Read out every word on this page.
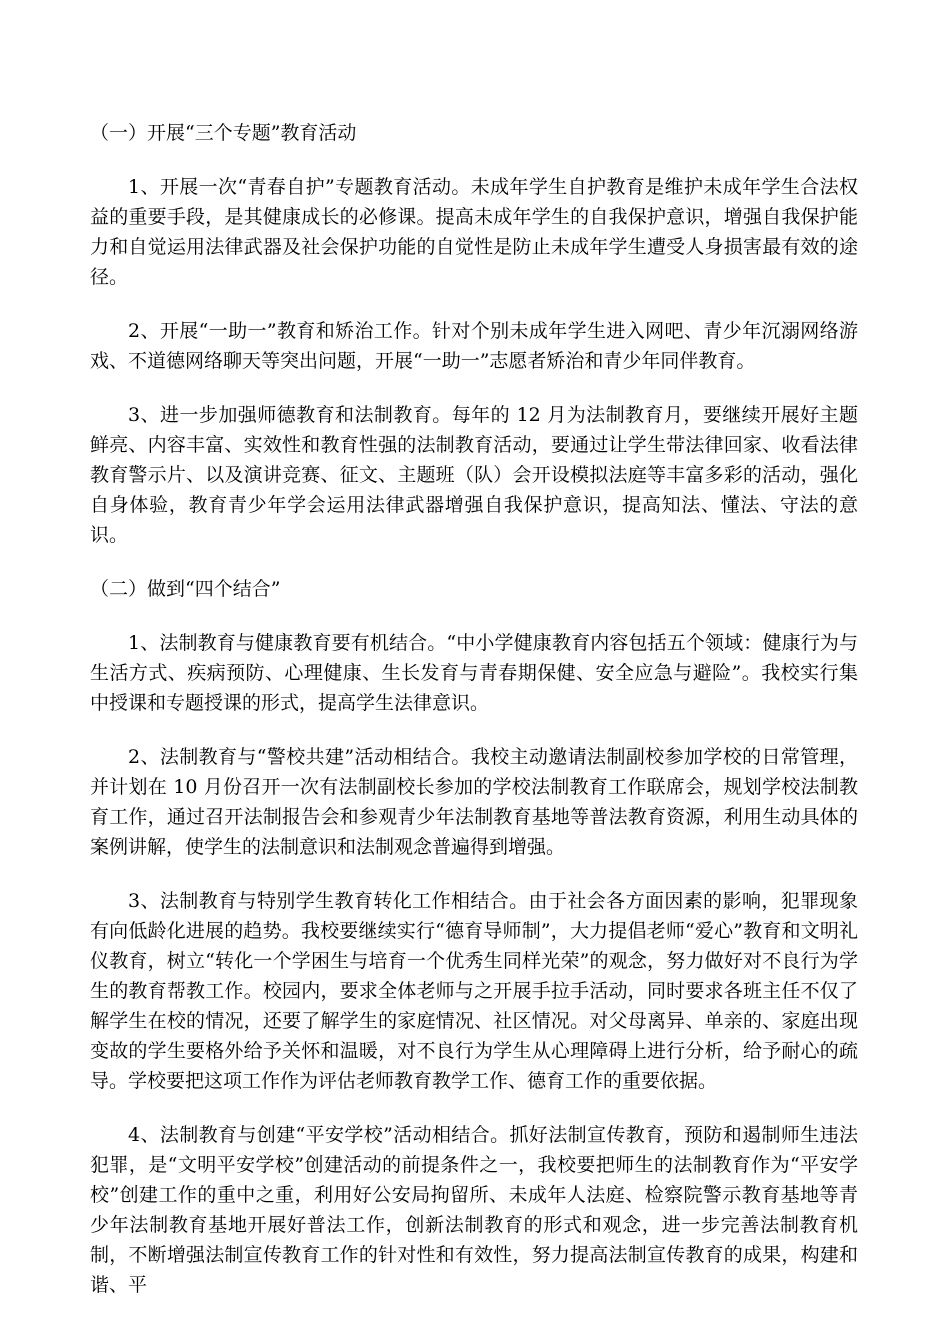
（一）开展“三个专题”教育活动
1、开展一次“青春自护”专题教育活动。未成年学生自护教育是维护未成年学生合法权益的重要手段，是其健康成长的必修课。提高未成年学生的自我保护意识，增强自我保护能力和自觉运用法律武器及社会保护功能的自觉性是防止未成年学生遭受人身损害最有效的途径。
2、开展“一助一”教育和矫治工作。针对个别未成年学生进入网吧、青少年沉溺网络游戏、不道德网络聊天等突出问题，开展“一助一”志愿者矫治和青少年同伴教育。
3、进一步加强师德教育和法制教育。每年的 12 月为法制教育月，要继续开展好主题鲜亮、内容丰富、实效性和教育性强的法制教育活动，要通过让学生带法律回家、收看法律教育警示片、以及演讲竞赛、征文、主题班（队）会开设模拟法庭等丰富多彩的活动，强化自身体验，教育青少年学会运用法律武器增强自我保护意识，提高知法、懂法、守法的意识。
（二）做到“四个结合”
1、法制教育与健康教育要有机结合。“中小学健康教育内容包括五个领域：健康行为与生活方式、疾病预防、心理健康、生长发育与青春期保健、安全应急与避险”。我校实行集中授课和专题授课的形式，提高学生法律意识。
2、法制教育与“警校共建”活动相结合。我校主动邀请法制副校参加学校的日常管理，并计划在 10 月份召开一次有法制副校长参加的学校法制教育工作联席会，规划学校法制教育工作，通过召开法制报告会和参观青少年法制教育基地等普法教育资源，利用生动具体的案例讲解，使学生的法制意识和法制观念普遍得到增强。
3、法制教育与特别学生教育转化工作相结合。由于社会各方面因素的影响，犯罪现象有向低龄化进展的趋势。我校要继续实行“德育导师制”，大力提倡老师“爱心”教育和文明礼仪教育，树立“转化一个学困生与培育一个优秀生同样光荣”的观念，努力做好对不良行为学生的教育帮教工作。校园内，要求全体老师与之开展手拉手活动，同时要求各班主任不仅了解学生在校的情况，还要了解学生的家庭情况、社区情况。对父母离异、单亲的、家庭出现变故的学生要格外给予关怀和温暖，对不良行为学生从心理障碍上进行分析，给予耐心的疏导。学校要把这项工作作为评估老师教育教学工作、德育工作的重要依据。
4、法制教育与创建“平安学校”活动相结合。抓好法制宣传教育，预防和遏制师生违法犯罪，是“文明平安学校”创建活动的前提条件之一，我校要把师生的法制教育作为“平安学校”创建工作的重中之重，利用好公安局拘留所、未成年人法庭、检察院警示教育基地等青少年法制教育基地开展好普法工作，创新法制教育的形式和观念，进一步完善法制教育机制，不断增强法制宣传教育工作的针对性和有效性，努力提高法制宣传教育的成果，构建和谐、平
